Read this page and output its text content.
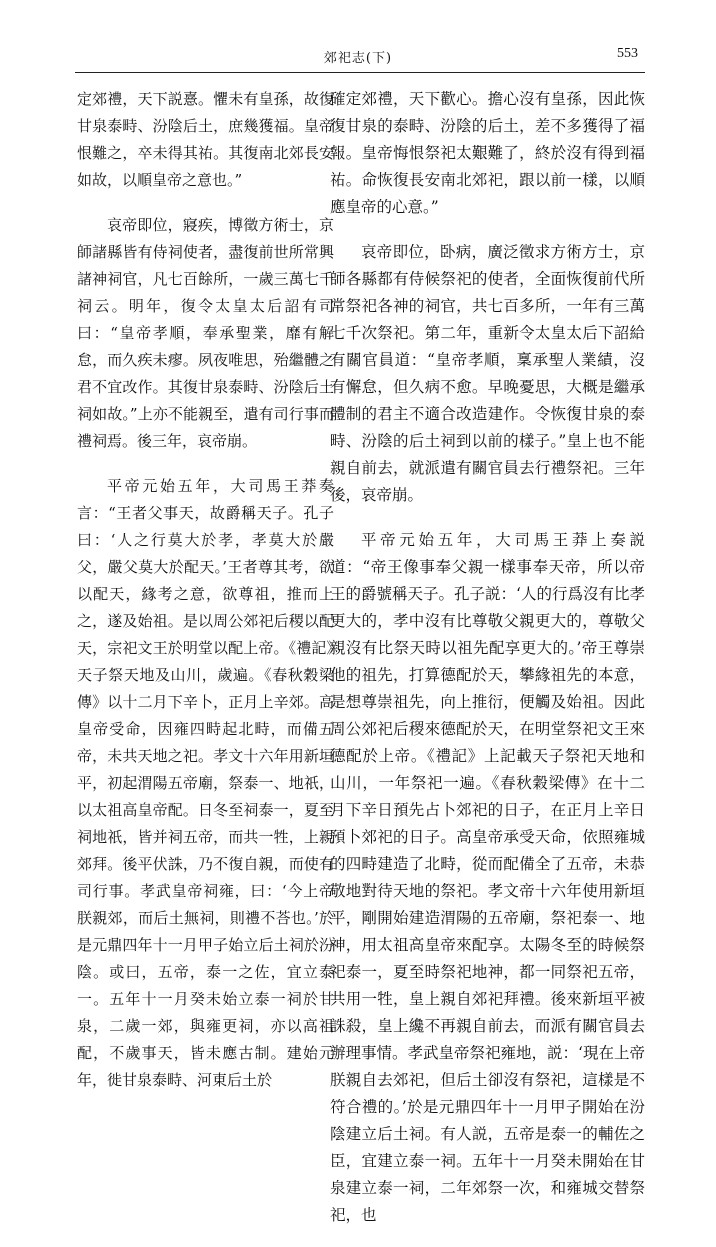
郊祀志(下)	553

定郊禮，天下説憙。懼未有皇孫，故復甘泉泰畤、汾陰后土，庶幾獲福。皇帝恨難之，卒未得其祐。其復南北郊長安如故，以順皇帝之意也。”

哀帝即位，寢疾，博徵方術士，京師諸縣皆有侍祠使者，盡復前世所常興諸神祠官，凡七百餘所，一歲三萬七千祠云。明年，復令太皇太后詔有司曰：“皇帝孝順，奉承聖業，靡有解怠，而久疾未瘳。夙夜唯思，殆繼體之君不宜改作。其復甘泉泰畤、汾陰后土祠如故。”上亦不能親至，遣有司行事而禮祠焉。後三年，哀帝崩。

平帝元始五年，大司馬王莽奏言：“王者父事天，故爵稱天子。孔子曰：‘人之行莫大於孝，孝莫大於嚴父，嚴父莫大於配天。’王者尊其考，欲以配天，緣考之意，欲尊祖，推而上之，遂及始祖。是以周公郊祀后稷以配天，宗祀文王於明堂以配上帝。《禮記》天子祭天地及山川，歲遍。《春秋穀梁傳》以十二月下辛卜，正月上辛郊。高皇帝受命，因雍四畤起北畤，而備五帝，未共天地之祀。孝文十六年用新垣平，初起渭陽五帝廟，祭泰一、地祇，以太祖高皇帝配。日冬至祠泰一，夏至祠地祇，皆并祠五帝，而共一牲，上親郊拜。後平伏誅，乃不復自親，而使有司行事。孝武皇帝祠雍，曰：‘今上帝朕親郊，而后土無祠，則禮不荅也。’於是元鼎四年十一月甲子始立后土祠於汾陰。或曰，五帝，泰一之佐，宜立泰一。五年十一月癸未始立泰一祠於甘泉，二歲一郊，與雍更祠，亦以高祖配，不歲事天，皆未應古制。建始元年，徙甘泉泰畤、河東后土於

確定郊禮，天下歡心。擔心沒有皇孫，因此恢復甘泉的泰畤、汾陰的后土，差不多獲得了福報。皇帝悔恨祭祀太艱難了，終於沒有得到福祐。命恢復長安南北郊祀，跟以前一樣，以順應皇帝的心意。”

哀帝即位，卧病，廣泛徵求方術方士，京師各縣都有侍候祭祀的使者，全面恢復前代所常祭祀各神的祠官，共七百多所，一年有三萬七千次祭祀。第二年，重新令太皇太后下詔給有關官員道：“皇帝孝順，稟承聖人業績，沒有懈怠，但久病不愈。早晚憂思，大概是繼承體制的君主不適合改造建作。令恢復甘泉的泰畤、汾陰的后土祠到以前的樣子。”皇上也不能親自前去，就派遣有關官員去行禮祭祀。三年後，哀帝崩。

平帝元始五年，大司馬王莽上奏説道：“帝王像事奉父親一樣事奉天帝，所以帝王的爵號稱天子。孔子説：‘人的行爲沒有比孝更大的，孝中沒有比尊敬父親更大的，尊敬父親沒有比祭天時以祖先配享更大的。’帝王尊崇他的祖先，打算德配於天，攀緣祖先的本意，是想尊崇祖先，向上推衍，便觸及始祖。因此周公郊祀后稷來德配於天，在明堂祭祀文王來德配於上帝。《禮記》上記載天子祭祀天地和山川，一年祭祀一遍。《春秋穀梁傳》在十二月下辛日預先占卜郊祀的日子，在正月上辛日預卜郊祀的日子。高皇帝承受天命，依照雍城的四畤建造了北畤，從而配備全了五帝，未恭敬地對待天地的祭祀。孝文帝十六年使用新垣平，剛開始建造渭陽的五帝廟，祭祀泰一、地神，用太祖高皇帝來配享。太陽冬至的時候祭祀泰一，夏至時祭祀地神，都一同祭祀五帝，共用一牲，皇上親自郊祀拜禮。後來新垣平被誅殺，皇上纔不再親自前去，而派有關官員去辦理事情。孝武皇帝祭祀雍地，説：‘現在上帝朕親自去郊祀，但后土卻沒有祭祀，這樣是不符合禮的。’於是元鼎四年十一月甲子開始在汾陰建立后土祠。有人説，五帝是泰一的輔佐之臣，宜建立泰一祠。五年十一月癸未開始在甘泉建立泰一祠，二年郊祭一次，和雍城交替祭祀，也
